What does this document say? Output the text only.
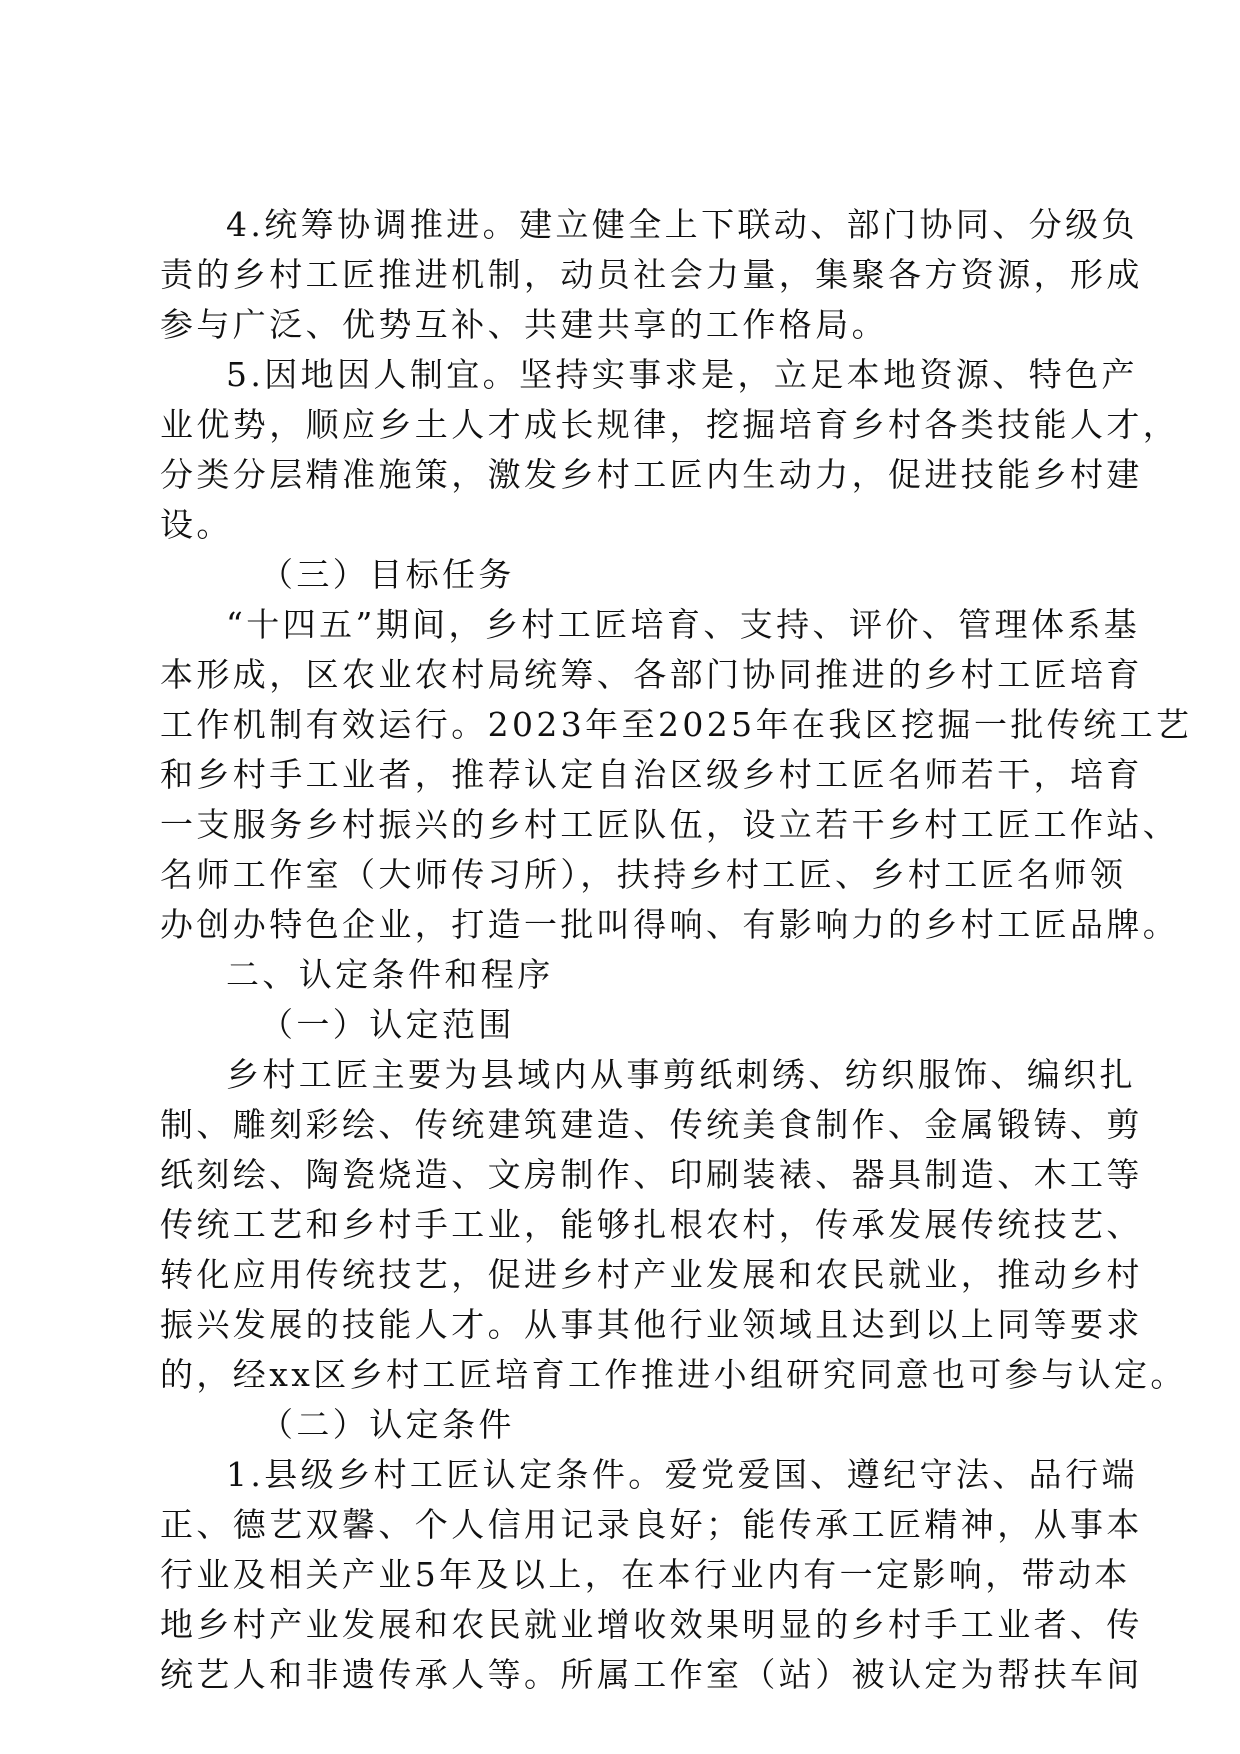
4.统筹协调推进。建立健全上下联动、部门协同、分级负
责的乡村工匠推进机制，动员社会力量，集聚各方资源，形成
参与广泛、优势互补、共建共享的工作格局。
5.因地因人制宜。坚持实事求是，立足本地资源、特色产
业优势，顺应乡土人才成长规律，挖掘培育乡村各类技能人才，
分类分层精准施策，激发乡村工匠内生动力，促进技能乡村建
设。
（三）目标任务
“十四五”期间，乡村工匠培育、支持、评价、管理体系基
本形成，区农业农村局统筹、各部门协同推进的乡村工匠培育
工作机制有效运行。2023年至2025年在我区挖掘一批传统工艺
和乡村手工业者，推荐认定自治区级乡村工匠名师若干，培育
一支服务乡村振兴的乡村工匠队伍，设立若干乡村工匠工作站、
名师工作室（大师传习所），扶持乡村工匠、乡村工匠名师领
办创办特色企业，打造一批叫得响、有影响力的乡村工匠品牌。
二、认定条件和程序
（一）认定范围
乡村工匠主要为县域内从事剪纸刺绣、纺织服饰、编织扎
制、雕刻彩绘、传统建筑建造、传统美食制作、金属锻铸、剪
纸刻绘、陶瓷烧造、文房制作、印刷装裱、器具制造、木工等
传统工艺和乡村手工业，能够扎根农村，传承发展传统技艺、
转化应用传统技艺，促进乡村产业发展和农民就业，推动乡村
振兴发展的技能人才。从事其他行业领域且达到以上同等要求
的，经xx区乡村工匠培育工作推进小组研究同意也可参与认定。
（二）认定条件
1.县级乡村工匠认定条件。爱党爱国、遵纪守法、品行端
正、德艺双馨、个人信用记录良好；能传承工匠精神，从事本
行业及相关产业5年及以上，在本行业内有一定影响，带动本
地乡村产业发展和农民就业增收效果明显的乡村手工业者、传
统艺人和非遗传承人等。所属工作室（站）被认定为帮扶车间
